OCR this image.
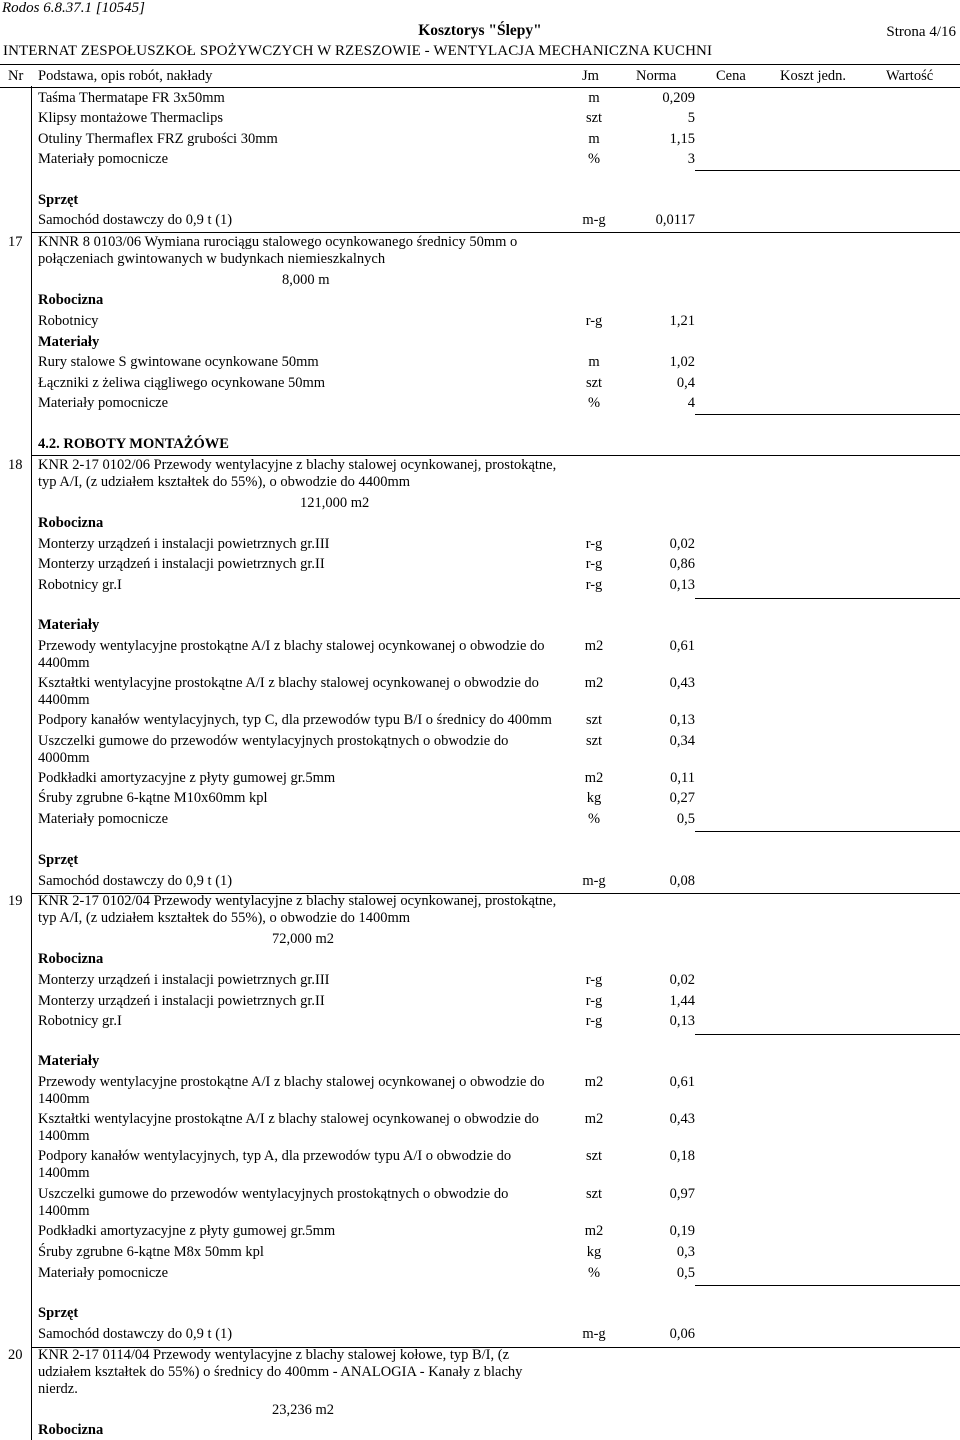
Rodos 6.8.37.1 [10545]
Kosztorys "Ślepy"	Strona 4/16
INTERNAT ZESPOŁUSZKOŁ SPOŻYWCZYCH W RZESZOWIE - WENTYLACJA MECHANICZNA KUCHNI
Nr Podstawa, opis robót, nakłady	Jm	Norma	Cena Koszt jedn.	Wartość
Taśma Thermatape FR 3x50mm	m	0,209
Klipsy montażowe Thermaclips	szt	5
Otuliny Thermaflex FRZ grubości 30mm	m	1,15
Materiały pomocnicze	%	3
Sprzęt
Samochód dostawczy do 0,9 t (1)	m-g	0,0117
17 KNNR 8 0103/06 Wymiana rurociągu stalowego ocynkowanego średnicy 50mm o połączeniach gwintowanych w budynkach niemieszkalnych
8,000 m
Robocizna
Robotnicy	r-g	1,21
Materiały
Rury stalowe S gwintowane ocynkowane 50mm	m	1,02
Łączniki z żeliwa ciągliwego ocynkowane 50mm	szt	0,4
Materiały pomocnicze	%	4
4.2. ROBOTY MONTAŻÓWE
18 KNR 2-17 0102/06 Przewody wentylacyjne z blachy stalowej ocynkowanej, prostokątne, typ A/I, (z udziałem kształtek do 55%), o obwodzie do 4400mm
121,000 m2
Robocizna
Monterzy urządzeń i instalacji powietrznych gr.III	r-g	0,02
Monterzy urządzeń i instalacji powietrznych gr.II	r-g	0,86
Robotnicy gr.I	r-g	0,13
Materiały
Przewody wentylacyjne prostokątne A/I z blachy stalowej ocynkowanej o obwodzie do 4400mm
m2	0,61
Kształtki wentylacyjne prostokątne A/I z blachy stalowej ocynkowanej o obwodzie do 4400mm
m2	0,43
Podpory kanałów wentylacyjnych, typ C, dla przewodów typu B/I o średnicy do 400mm	szt	0,13
Uszczelki gumowe do przewodów wentylacyjnych prostokątnych o obwodzie do 4000mm
szt	0,34
Podkładki amortyzacyjne z płyty gumowej gr.5mm	m2	0,11
Śruby zgrubne 6-kątne M10x60mm kpl	kg	0,27
Materiały pomocnicze	%	0,5
Sprzęt
Samochód dostawczy do 0,9 t (1)	m-g	0,08
19 KNR 2-17 0102/04 Przewody wentylacyjne z blachy stalowej ocynkowanej, prostokątne, typ A/I, (z udziałem kształtek do 55%), o obwodzie do 1400mm
72,000 m2
Robocizna
Monterzy urządzeń i instalacji powietrznych gr.III	r-g	0,02
Monterzy urządzeń i instalacji powietrznych gr.II	r-g	1,44
Robotnicy gr.I	r-g	0,13
Materiały
Przewody wentylacyjne prostokątne A/I z blachy stalowej ocynkowanej o obwodzie do 1400mm
m2	0,61
Kształtki wentylacyjne prostokątne A/I z blachy stalowej ocynkowanej o obwodzie do 1400mm
m2	0,43
Podpory kanałów wentylacyjnych, typ A, dla przewodów typu A/I o obwodzie do 1400mm
szt	0,18
Uszczelki gumowe do przewodów wentylacyjnych prostokątnych o obwodzie do 1400mm
szt	0,97
Podkładki amortyzacyjne z płyty gumowej gr.5mm	m2	0,19
Śruby zgrubne 6-kątne M8x 50mm kpl	kg	0,3
Materiały pomocnicze	%	0,5
Sprzęt
Samochód dostawczy do 0,9 t (1)	m-g	0,06
20 KNR 2-17 0114/04 Przewody wentylacyjne z blachy stalowej kołowe, typ B/I, (z udziałem kształtek do 55%) o średnicy do 400mm - ANALOGIA - Kanały z blachy nierdz.
23,236 m2
Robocizna
